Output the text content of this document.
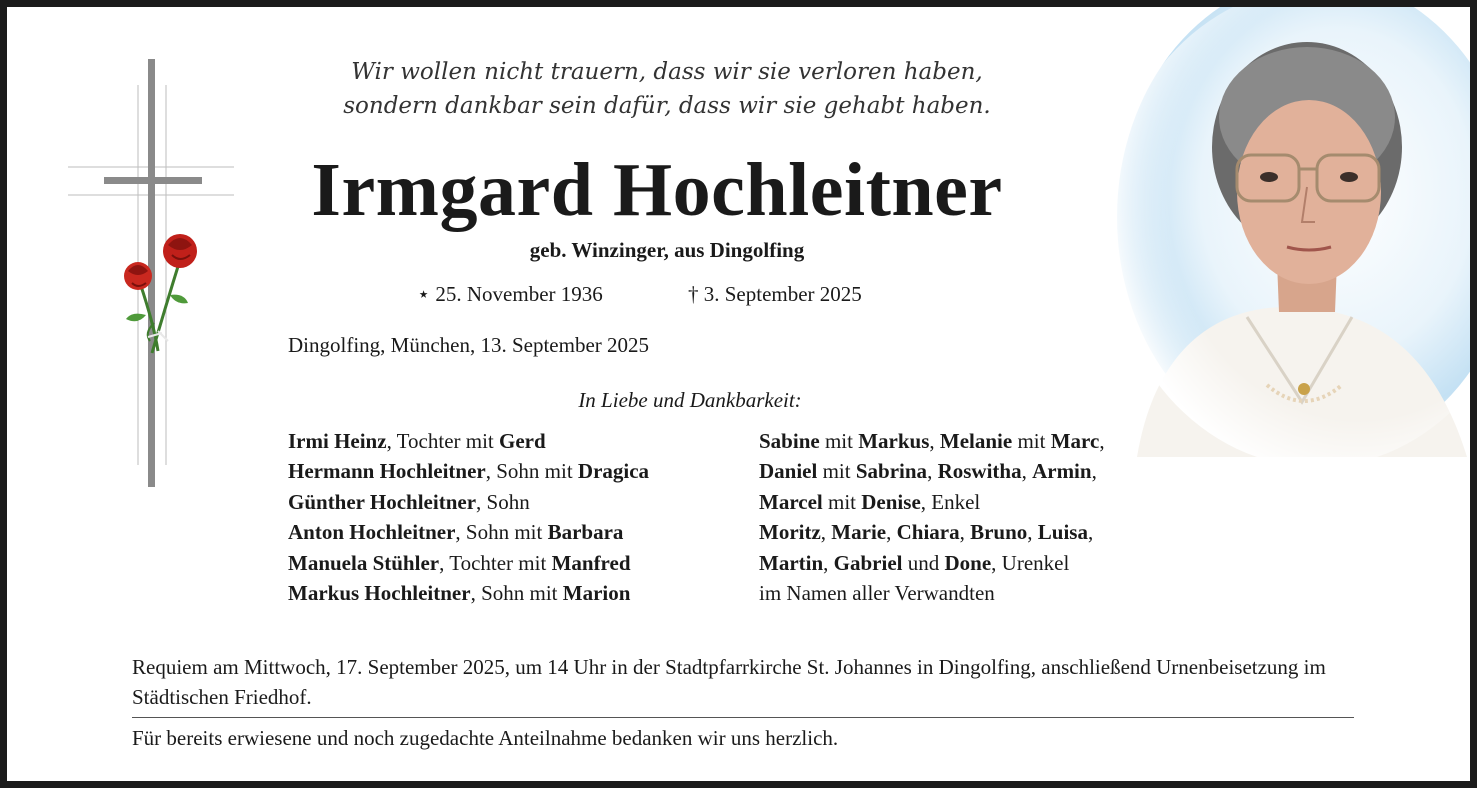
Wir wollen nicht trauern, dass wir sie verloren haben,
sondern dankbar sein dafür, dass wir sie gehabt haben.
Irmgard Hochleitner
geb. Winzinger, aus Dingolfing
⋆ 25. November 1936	† 3. September 2025
Dingolfing, München, 13. September 2025
In Liebe und Dankbarkeit:
Irmi Heinz, Tochter mit Gerd
Hermann Hochleitner, Sohn mit Dragica
Günther Hochleitner, Sohn
Anton Hochleitner, Sohn mit Barbara
Manuela Stühler, Tochter mit Manfred
Markus Hochleitner, Sohn mit Marion
Sabine mit Markus, Melanie mit Marc,
Daniel mit Sabrina, Roswitha, Armin,
Marcel mit Denise, Enkel
Moritz, Marie, Chiara, Bruno, Luisa,
Martin, Gabriel und Done, Urenkel
im Namen aller Verwandten
Requiem am Mittwoch, 17. September 2025, um 14 Uhr in der Stadtpfarrkirche St. Johannes in Dingolfing, anschließend Urnenbeisetzung im Städtischen Friedhof.
Für bereits erwiesene und noch zugedachte Anteilnahme bedanken wir uns herzlich.
